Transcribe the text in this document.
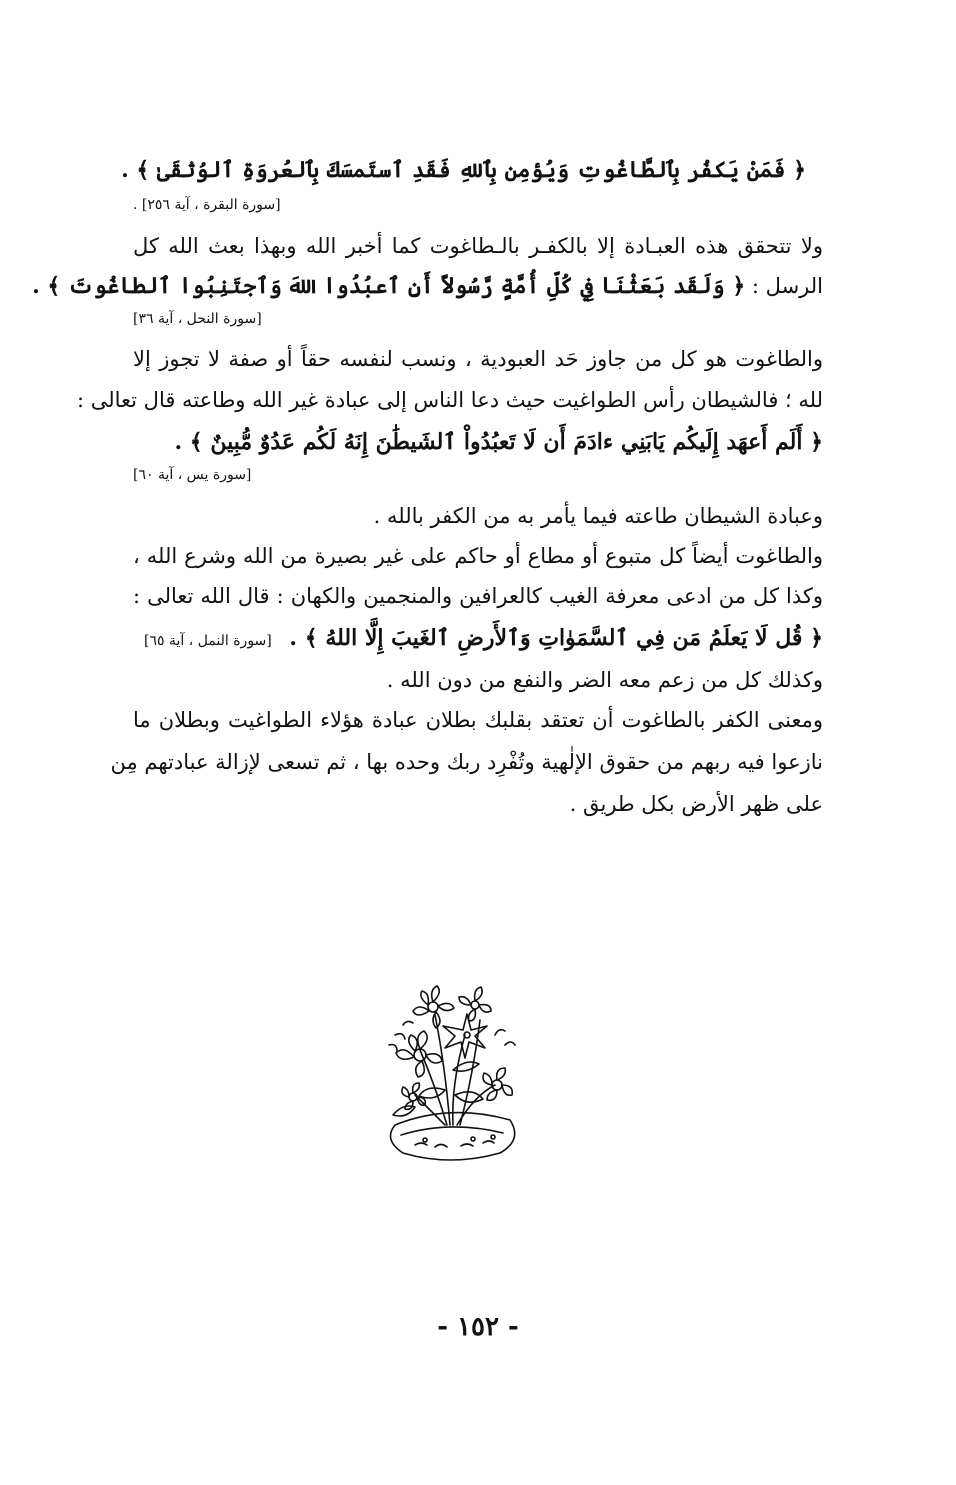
﴿ فَمَنْ يَكفُر بِٱلطَّاغُوتِ وَيُؤمِن بِٱللهِ فَقَدِ ٱستَمسَكَ بِٱلعُروَةِ ٱلوُثقَىٰ ﴾ .
[سورة البقرة ، آية ٢٥٦] .
ولا تتحقق هذه العبـادة إلا بالكفـر بالـطاغوت كما أخبر الله وبهذا بعث الله كل
الرسل : ﴿ وَلَقَد بَعَثْنَا فِي كُلِّ أُمَّةٍ رَّسُولاً أَنِ ٱعبُدُوا اللهَ وَٱجتَنِبُوا ٱلطاغُوتَ ﴾ .
[سورة النحل ، آية ٣٦]
والطاغوت هو كل من جاوز حَد العبودية ، ونسب لنفسه حقاً أو صفة لا تجوز إلا
لله ؛ فالشيطان رأس الطواغيت حيث دعا الناس إلى عبادة غير الله وطاعته قال تعالى :
﴿ أَلَم أَعهَد إِلَيكُم يَابَنِي ءادَمَ أَن لَا تَعبُدُواْ ٱلشَيطَٰنَ إِنَهُ لَكُم عَدُوٌ مُّبِينٌ ﴾ .
[سورة يس ، آية ٦٠]
وعبادة الشيطان طاعته فيما يأمر به من الكفر بالله .
والطاغوت أيضاً كل متبوع أو مطاع أو حاكم على غير بصيرة من الله وشرع الله ،
وكذا كل من ادعى معرفة الغيب كالعرافين والمنجمين والكهان : قال الله تعالى :
﴿ قُل لَا يَعلَمُ مَن فِي ٱلسَّمَوٰاتِ وَٱلأَرضِ ٱلغَيبَ إِلَّا اللهُ ﴾ . [سورة النمل ، آية ٦٥]
وكذلك كل من زعم معه الضر والنفع من دون الله .
ومعنى الكفر بالطاغوت أن تعتقد بقلبك بطلان عبادة هؤلاء الطواغيت وبطلان ما
نازعوا فيه ربهم من حقوق الإلٰهية وتُفْرِد ربك وحده بها ، ثم تسعى لإزالة عبادتهم مِن
على ظهر الأرض بكل طريق .
- ١٥٢ -
